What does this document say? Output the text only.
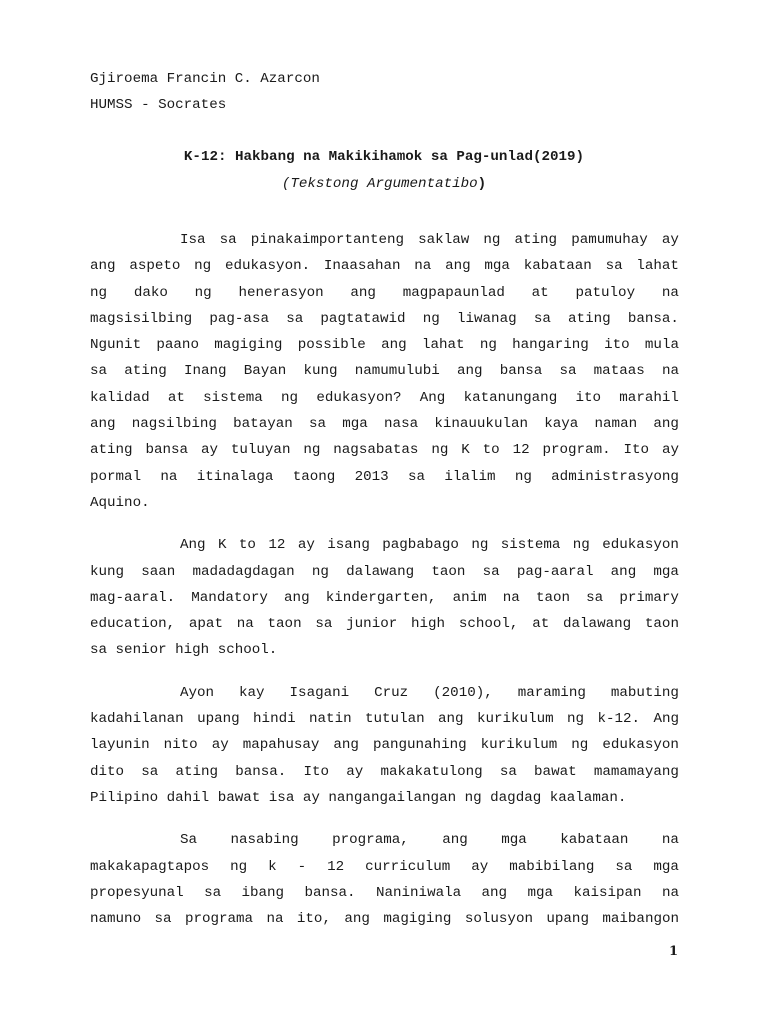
Gjiroema Francin C. Azarcon
HUMSS - Socrates
K-12: Hakbang na Makikihamok sa Pag-unlad(2019)
(Tekstong Argumentatibo)
Isa sa pinakaimportanteng saklaw ng ating pamumuhay ay
ang aspeto ng edukasyon. Inaasahan na ang mga kabataan sa lahat
ng dako ng henerasyon ang magpapaunlad at patuloy na
magsisilbing pag-asa sa pagtatawid ng liwanag sa ating bansa.
Ngunit paano magiging possible ang lahat ng hangaring ito mula
sa ating Inang Bayan kung namumulubi ang bansa sa mataas na
kalidad at sistema ng edukasyon? Ang katanungang ito marahil
ang nagsilbing batayan sa mga nasa kinauukulan kaya naman ang
ating bansa ay tuluyan ng nagsabatas ng K to 12 program. Ito ay
pormal na itinalaga taong 2013 sa ilalim ng administrasyong
Aquino.
Ang K to 12 ay isang pagbabago ng sistema ng edukasyon
kung saan madadagdagan ng dalawang taon sa pag-aaral ang mga
mag-aaral. Mandatory ang kindergarten, anim na taon sa primary
education, apat na taon sa junior high school, at dalawang taon
sa senior high school.
Ayon kay Isagani Cruz (2010), maraming mabuting
kadahilanan upang hindi natin tutulan ang kurikulum ng k-12. Ang
layunin nito ay mapahusay ang pangunahing kurikulum ng edukasyon
dito sa ating bansa. Ito ay makakatulong sa bawat mamamayang
Pilipino dahil bawat isa ay nangangailangan ng dagdag kaalaman.
Sa nasabing programa, ang mga kabataan na
makakapagtapos ng k - 12 curriculum ay mabibilang sa mga
propesyunal sa ibang bansa. Naniniwala ang mga kaisipan na
namuno sa programa na ito, ang magiging solusyon upang maibangon
1
